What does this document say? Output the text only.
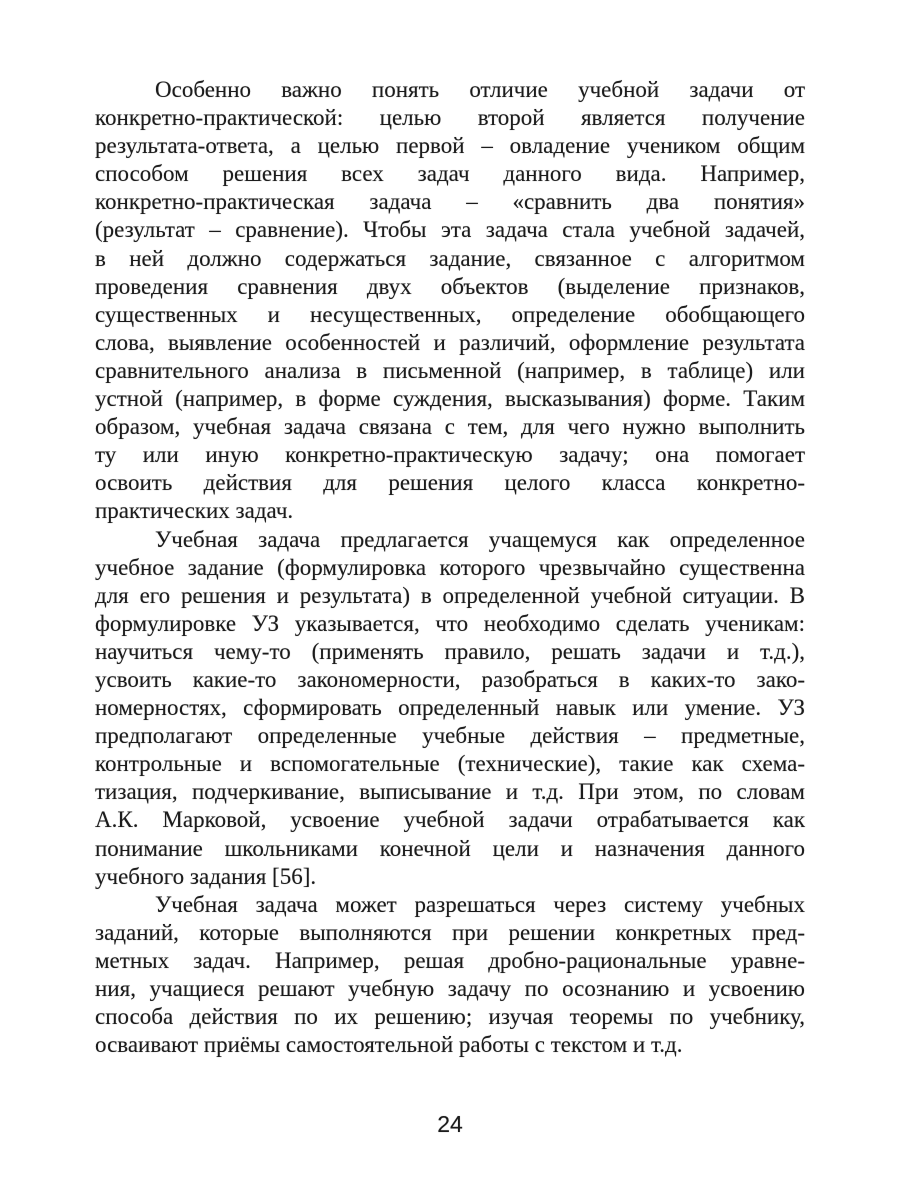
Особенно важно понять отличие учебной задачи от
конкретно-практической: целью второй является получение
результата-ответа, а целью первой – овладение учеником общим
способом решения всех задач данного вида. Например,
конкретно-практическая задача – «сравнить два понятия»
(результат – сравнение). Чтобы эта задача стала учебной задачей,
в ней должно содержаться задание, связанное с алгоритмом
проведения сравнения двух объектов (выделение признаков,
существенных и несущественных, определение обобщающего
слова, выявление особенностей и различий, оформление результата
сравнительного анализа в письменной (например, в таблице) или
устной (например, в форме суждения, высказывания) форме. Таким
образом, учебная задача связана с тем, для чего нужно выполнить
ту или иную конкретно-практическую задачу; она помогает
освоить действия для решения целого класса конкретно-
практических задач.
Учебная задача предлагается учащемуся как определенное
учебное задание (формулировка которого чрезвычайно существенна
для его решения и результата) в определенной учебной ситуации. В
формулировке УЗ указывается, что необходимо сделать ученикам:
научиться чему-то (применять правило, решать задачи и т.д.),
усвоить какие-то закономерности, разобраться в каких-то зако-
номерностях, сформировать определенный навык или умение. УЗ
предполагают определенные учебные действия – предметные,
контрольные и вспомогательные (технические), такие как схема-
тизация, подчеркивание, выписывание и т.д. При этом, по словам
А.К. Марковой, усвоение учебной задачи отрабатывается как
понимание школьниками конечной цели и назначения данного
учебного задания [56].
Учебная задача может разрешаться через систему учебных
заданий, которые выполняются при решении конкретных пред-
метных задач. Например, решая дробно-рациональные уравне-
ния, учащиеся решают учебную задачу по осознанию и усвоению
способа действия по их решению; изучая теоремы по учебнику,
осваивают приёмы самостоятельной работы с текстом и т.д.
24
